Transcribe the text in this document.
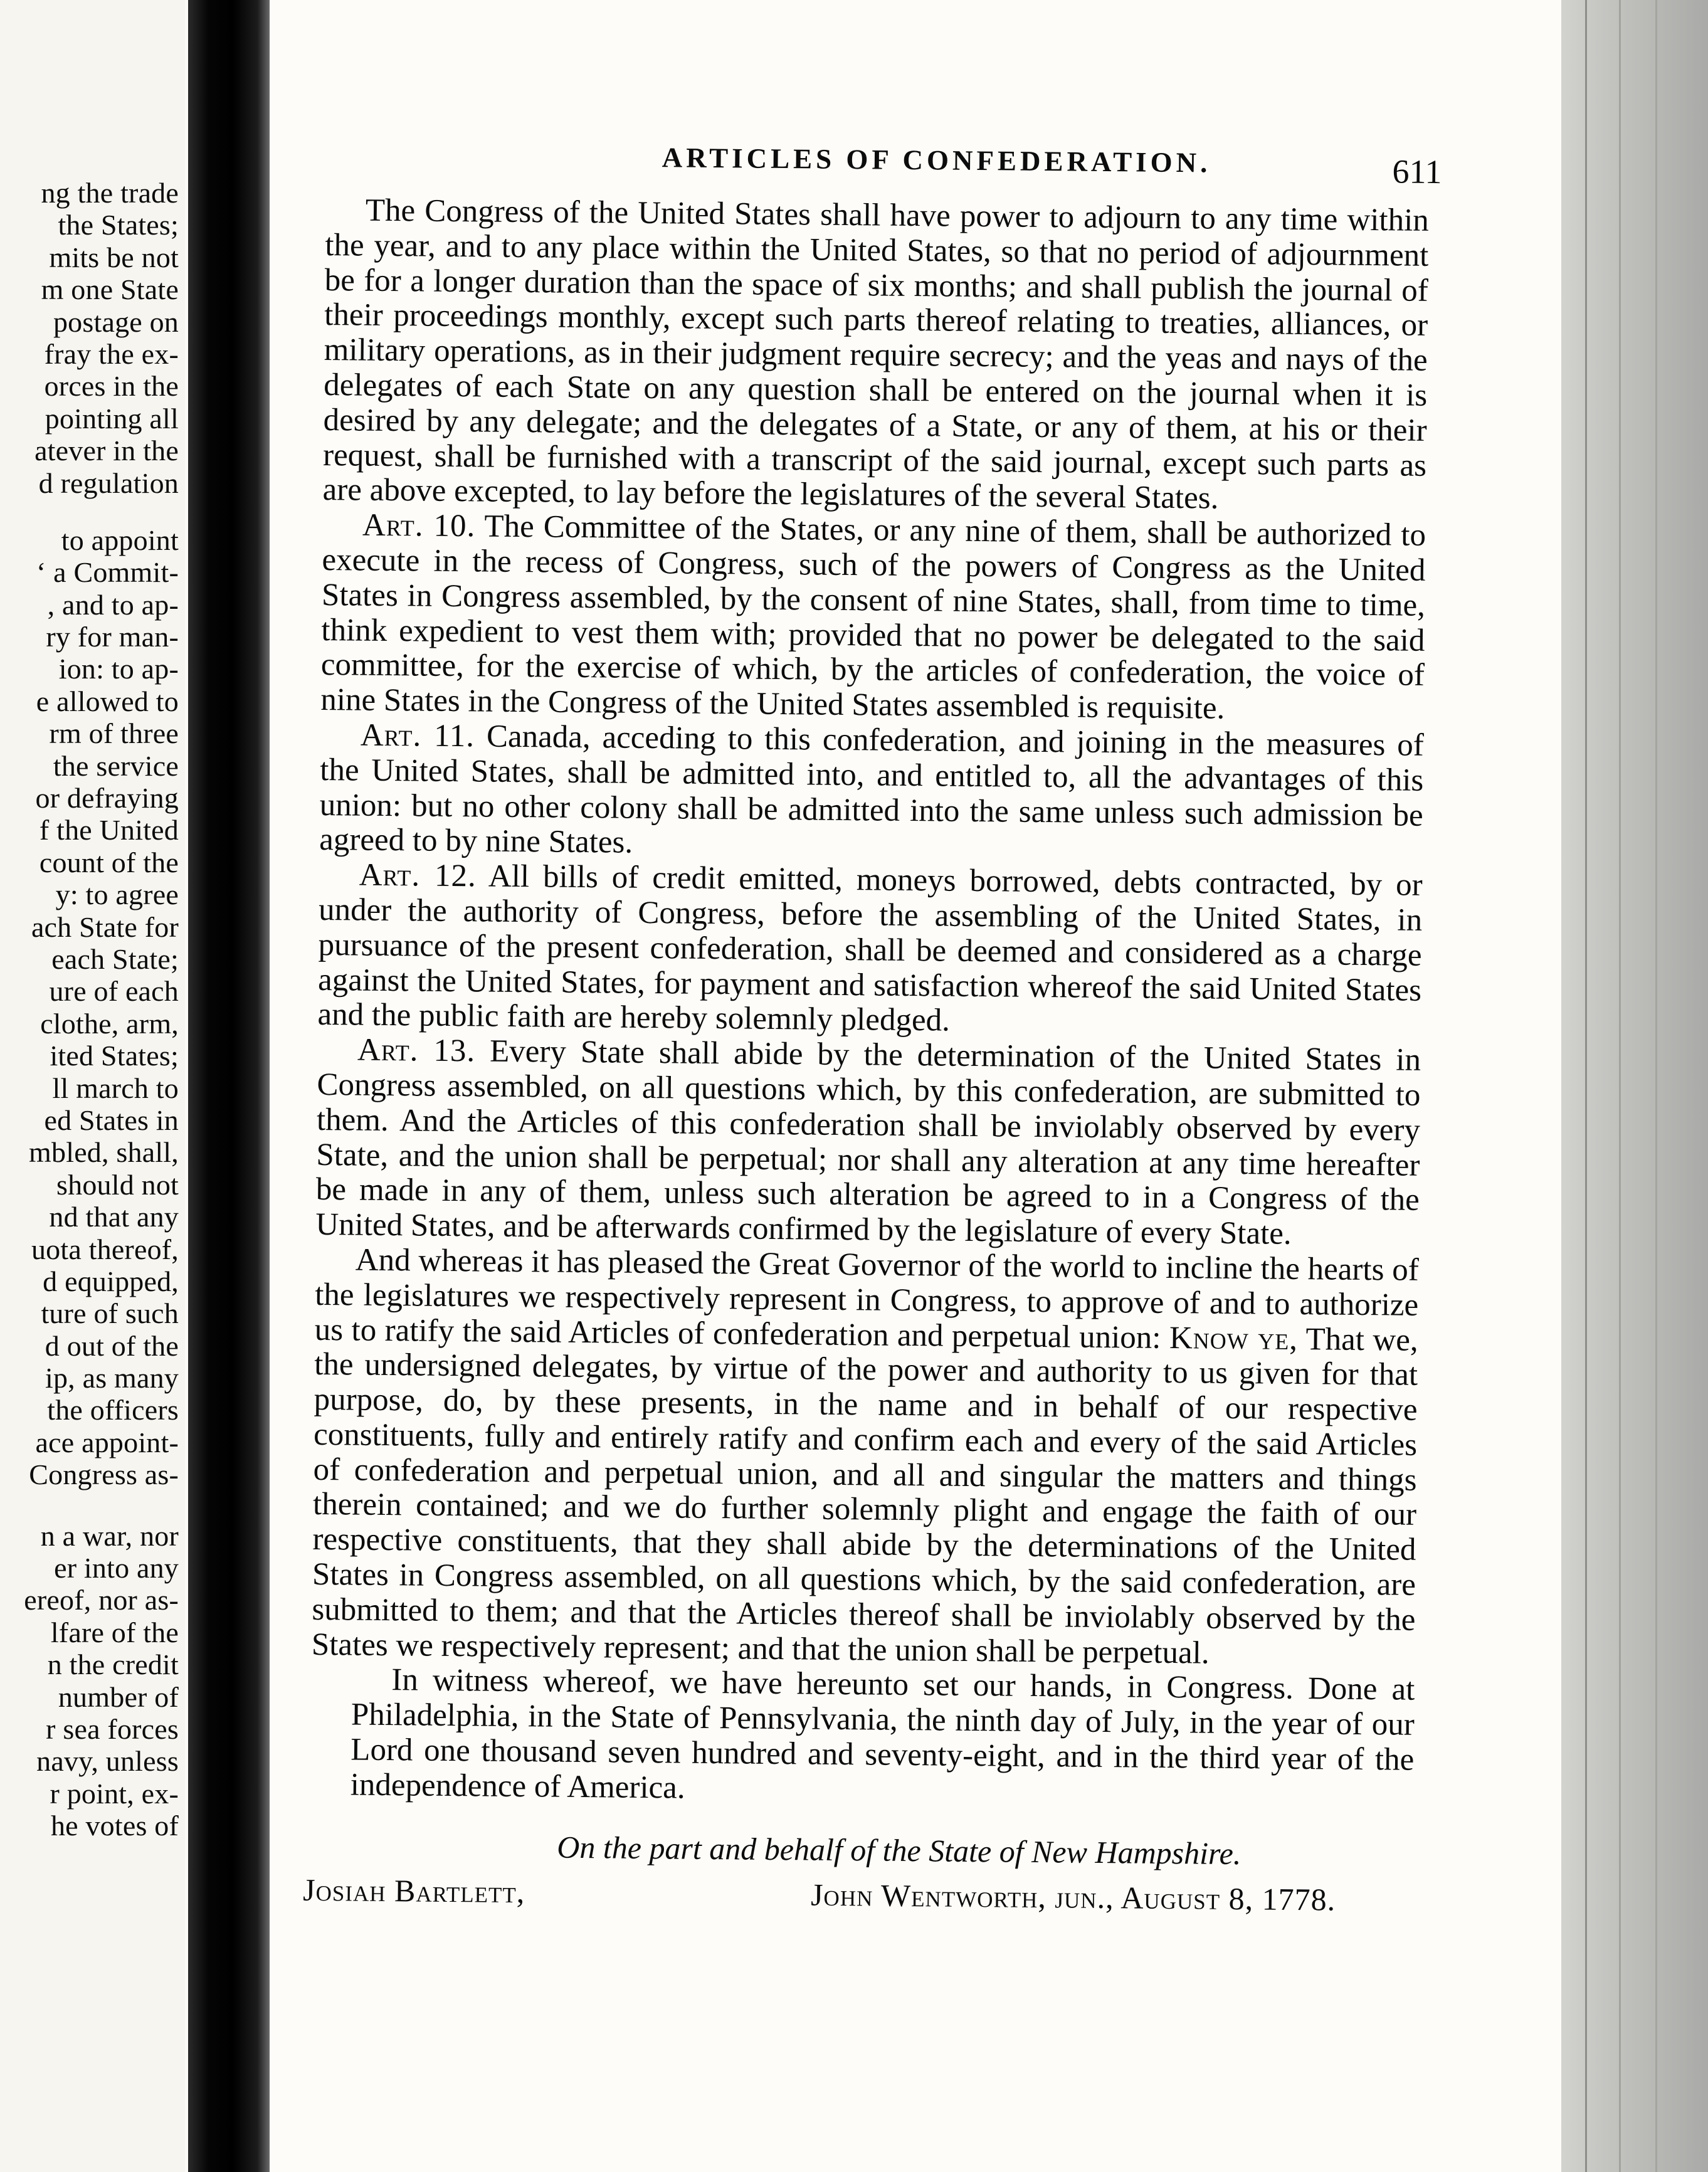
ng the trade
the States;
mits be not
m one State
postage on
fray the ex-
orces in the
pointing all
atever in the
d regulation
to appoint
‘ a Commit-
, and to ap-
ry for man-
ion: to ap-
e allowed to
rm of three
the service
or defraying
f the United
count of the
y: to agree
ach State for
each State;
ure of each
clothe, arm,
ited States;
ll march to
ed States in
mbled, shall,
should not
nd that any
uota thereof,
d equipped,
ture of such
d out of the
ip, as many
the officers
ace appoint-
Congress as-
n a war, nor
er into any
ereof, nor as-
lfare of the
n the credit
number of
r sea forces
navy, unless
r point, ex-
he votes of
ARTICLES OF CONFEDERATION.	611

The Congress of the United States shall have power to adjourn to any time within the year, and to any place within the United States, so that no period of adjournment be for a longer duration than the space of six months; and shall publish the journal of their proceedings monthly, except such parts thereof relating to treaties, alliances, or military operations, as in their judgment require secrecy; and the yeas and nays of the delegates of each State on any question shall be entered on the journal when it is desired by any delegate; and the delegates of a State, or any of them, at his or their request, shall be furnished with a transcript of the said journal, except such parts as are above excepted, to lay before the legislatures of the several States.

Art. 10. The Committee of the States, or any nine of them, shall be authorized to execute in the recess of Congress, such of the powers of Congress as the United States in Congress assembled, by the consent of nine States, shall, from time to time, think expedient to vest them with; provided that no power be delegated to the said committee, for the exercise of which, by the articles of confederation, the voice of nine States in the Congress of the United States assembled is requisite.

Art. 11. Canada, acceding to this confederation, and joining in the measures of the United States, shall be admitted into, and entitled to, all the advantages of this union: but no other colony shall be admitted into the same unless such admission be agreed to by nine States.

Art. 12. All bills of credit emitted, moneys borrowed, debts contracted, by or under the authority of Congress, before the assembling of the United States, in pursuance of the present confederation, shall be deemed and considered as a charge against the United States, for payment and satisfaction whereof the said United States and the public faith are hereby solemnly pledged.

Art. 13. Every State shall abide by the determination of the United States in Congress assembled, on all questions which, by this confederation, are submitted to them. And the Articles of this confederation shall be inviolably observed by every State, and the union shall be perpetual; nor shall any alteration at any time hereafter be made in any of them, unless such alteration be agreed to in a Congress of the United States, and be afterwards confirmed by the legislature of every State.

And whereas it has pleased the Great Governor of the world to incline the hearts of the legislatures we respectively represent in Congress, to approve of and to authorize us to ratify the said Articles of confederation and perpetual union: Know ye, That we, the undersigned delegates, by virtue of the power and authority to us given for that purpose, do, by these presents, in the name and in behalf of our respective constituents, fully and entirely ratify and confirm each and every of the said Articles of confederation and perpetual union, and all and singular the matters and things therein contained; and we do further solemnly plight and engage the faith of our respective constituents, that they shall abide by the determinations of the United States in Congress assembled, on all questions which, by the said confederation, are submitted to them; and that the Articles thereof shall be inviolably observed by the States we respectively represent; and that the union shall be perpetual.

In witness whereof, we have hereunto set our hands, in Congress. Done at Philadelphia, in the State of Pennsylvania, the ninth day of July, in the year of our Lord one thousand seven hundred and seventy-eight, and in the third year of the independence of America.

On the part and behalf of the State of New Hampshire.
Josiah Bartlett,	John Wentworth, jun., August 8, 1778.
